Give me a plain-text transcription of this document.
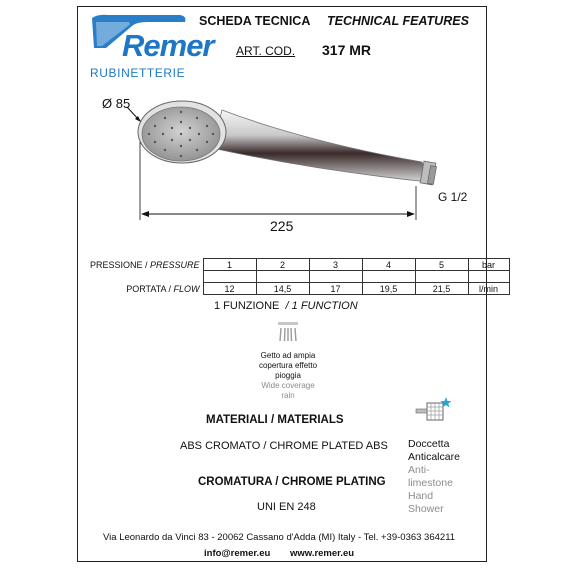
Remer
RUBINETTERIE
SCHEDA TECNICA TECHNICAL FEATURES
ART. COD. 317 MR
Ø 85
225
G 1/2
PRESSIONE / PRESSURE	1	2	3	4	5	bar

PORTATA / FLOW	12	14,5	17	19,5	21,5	l/min
1 FUNZIONE / 1 FUNCTION
Getto ad ampia
copertura effetto
pioggia
Wide coverage
rain
MATERIALI / MATERIALS
ABS CROMATO / CHROME PLATED ABS
CROMATURA / CHROME PLATING
UNI EN 248
Doccetta
Anticalcare
Anti-limestone
Hand Shower
Via Leonardo da Vinci 83 - 20062 Cassano d'Adda (MI) Italy - Tel. +39-0363 364211
info@remer.eu www.remer.eu
